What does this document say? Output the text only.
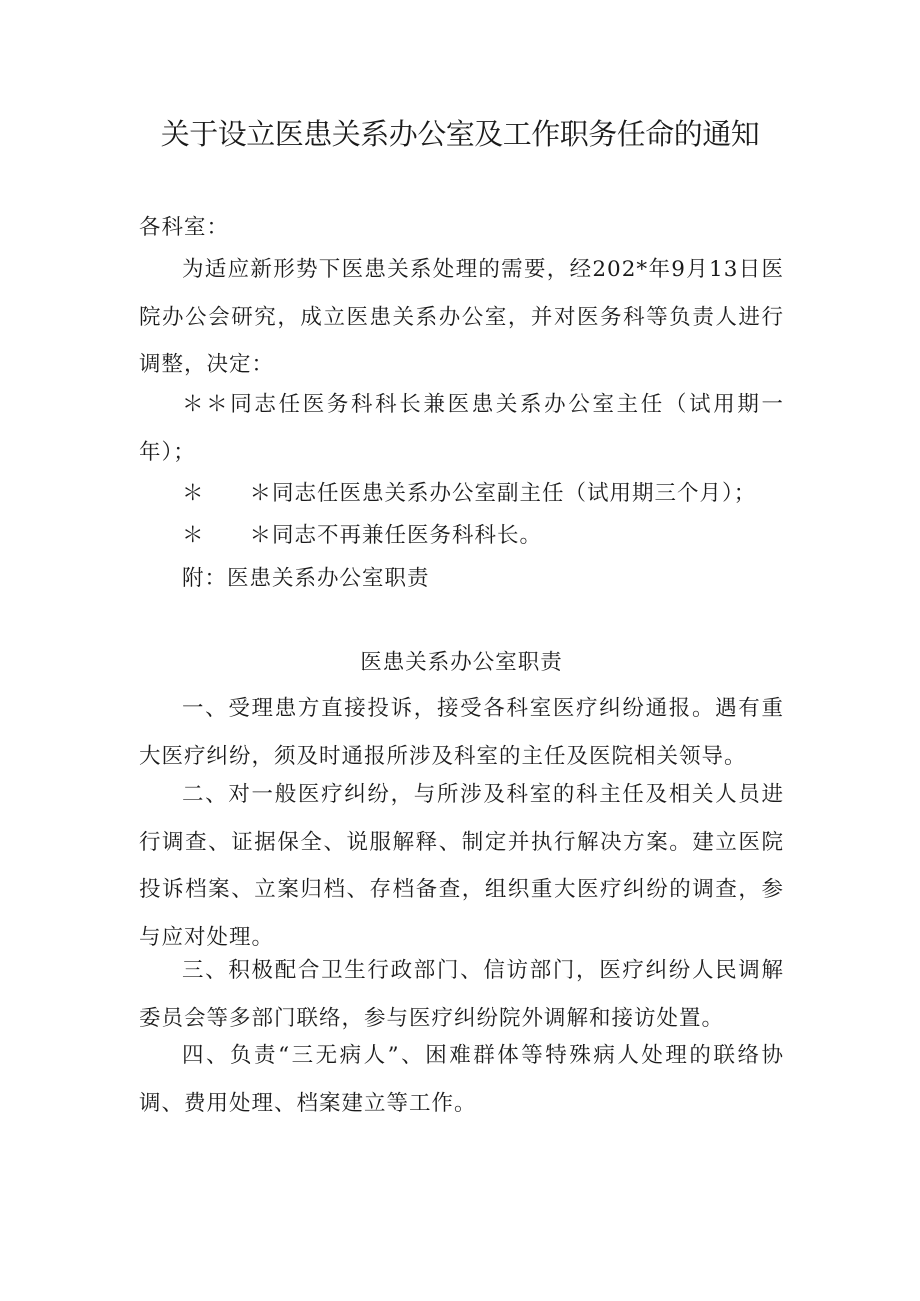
关于设立医患关系办公室及工作职务任命的通知

各科室：

为适应新形势下医患关系处理的需要，经202*年9月13日医院办公会研究，成立医患关系办公室，并对医务科等负责人进行调整，决定：

＊＊同志任医务科科长兼医患关系办公室主任（试用期一年）；

＊　　＊同志任医患关系办公室副主任（试用期三个月）；

＊　　＊同志不再兼任医务科科长。

附：医患关系办公室职责

医患关系办公室职责

一、受理患方直接投诉，接受各科室医疗纠纷通报。遇有重大医疗纠纷，须及时通报所涉及科室的主任及医院相关领导。

二、对一般医疗纠纷，与所涉及科室的科主任及相关人员进行调查、证据保全、说服解释、制定并执行解决方案。建立医院投诉档案、立案归档、存档备查，组织重大医疗纠纷的调查，参与应对处理。

三、积极配合卫生行政部门、信访部门，医疗纠纷人民调解委员会等多部门联络，参与医疗纠纷院外调解和接访处置。

四、负责“三无病人”、困难群体等特殊病人处理的联络协调、费用处理、档案建立等工作。
